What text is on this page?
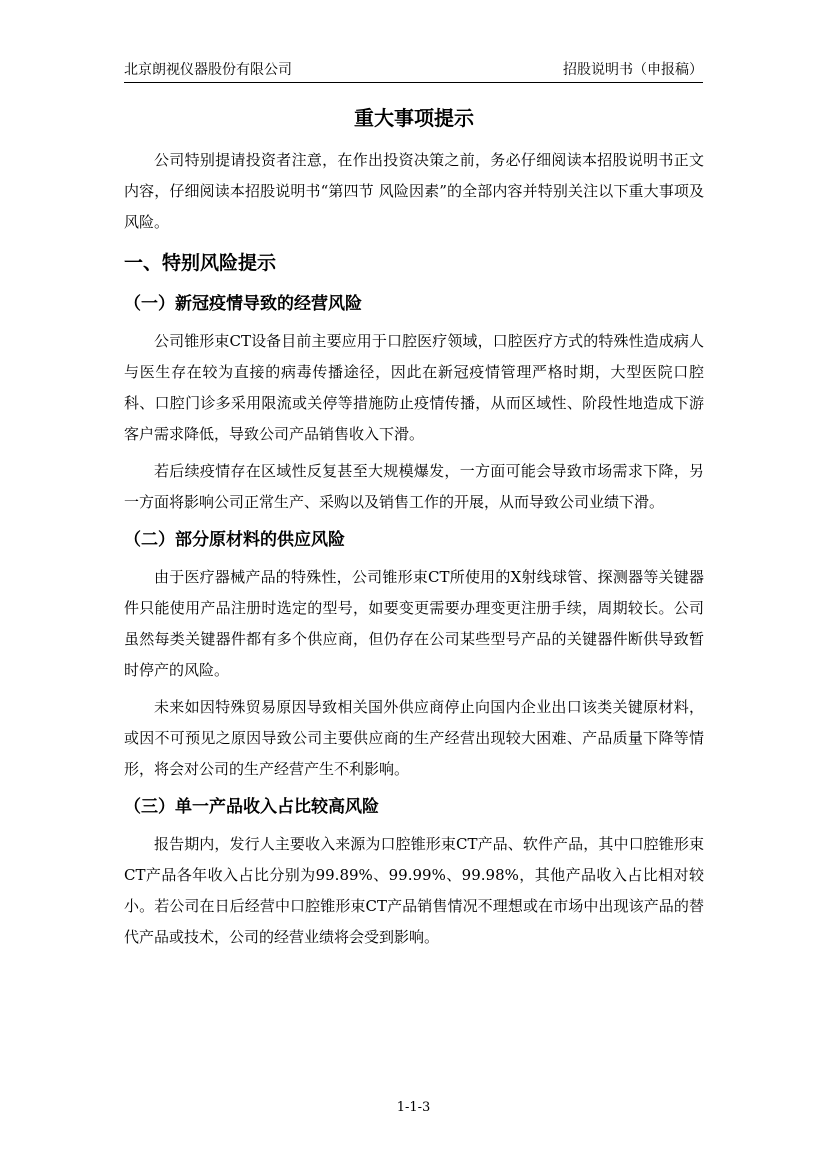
北京朗视仪器股份有限公司	招股说明书（申报稿）
重大事项提示

公司特别提请投资者注意，在作出投资决策之前，务必仔细阅读本招股说明书正文内容，仔细阅读本招股说明书“第四节 风险因素”的全部内容并特别关注以下重大事项及风险。

一、特别风险提示
（一）新冠疫情导致的经营风险

公司锥形束CT设备目前主要应用于口腔医疗领域，口腔医疗方式的特殊性造成病人与医生存在较为直接的病毒传播途径，因此在新冠疫情管理严格时期，大型医院口腔科、口腔门诊多采用限流或关停等措施防止疫情传播，从而区域性、阶段性地造成下游客户需求降低，导致公司产品销售收入下滑。

若后续疫情存在区域性反复甚至大规模爆发，一方面可能会导致市场需求下降，另一方面将影响公司正常生产、采购以及销售工作的开展，从而导致公司业绩下滑。

（二）部分原材料的供应风险

由于医疗器械产品的特殊性，公司锥形束CT所使用的X射线球管、探测器等关键器件只能使用产品注册时选定的型号，如要变更需要办理变更注册手续，周期较长。公司虽然每类关键器件都有多个供应商，但仍存在公司某些型号产品的关键器件断供导致暂时停产的风险。

未来如因特殊贸易原因导致相关国外供应商停止向国内企业出口该类关键原材料，或因不可预见之原因导致公司主要供应商的生产经营出现较大困难、产品质量下降等情形，将会对公司的生产经营产生不利影响。

（三）单一产品收入占比较高风险

报告期内，发行人主要收入来源为口腔锥形束CT产品、软件产品，其中口腔锥形束CT产品各年收入占比分别为99.89%、99.99%、99.98%，其他产品收入占比相对较小。若公司在日后经营中口腔锥形束CT产品销售情况不理想或在市场中出现该产品的替代产品或技术，公司的经营业绩将会受到影响。

1-1-3
